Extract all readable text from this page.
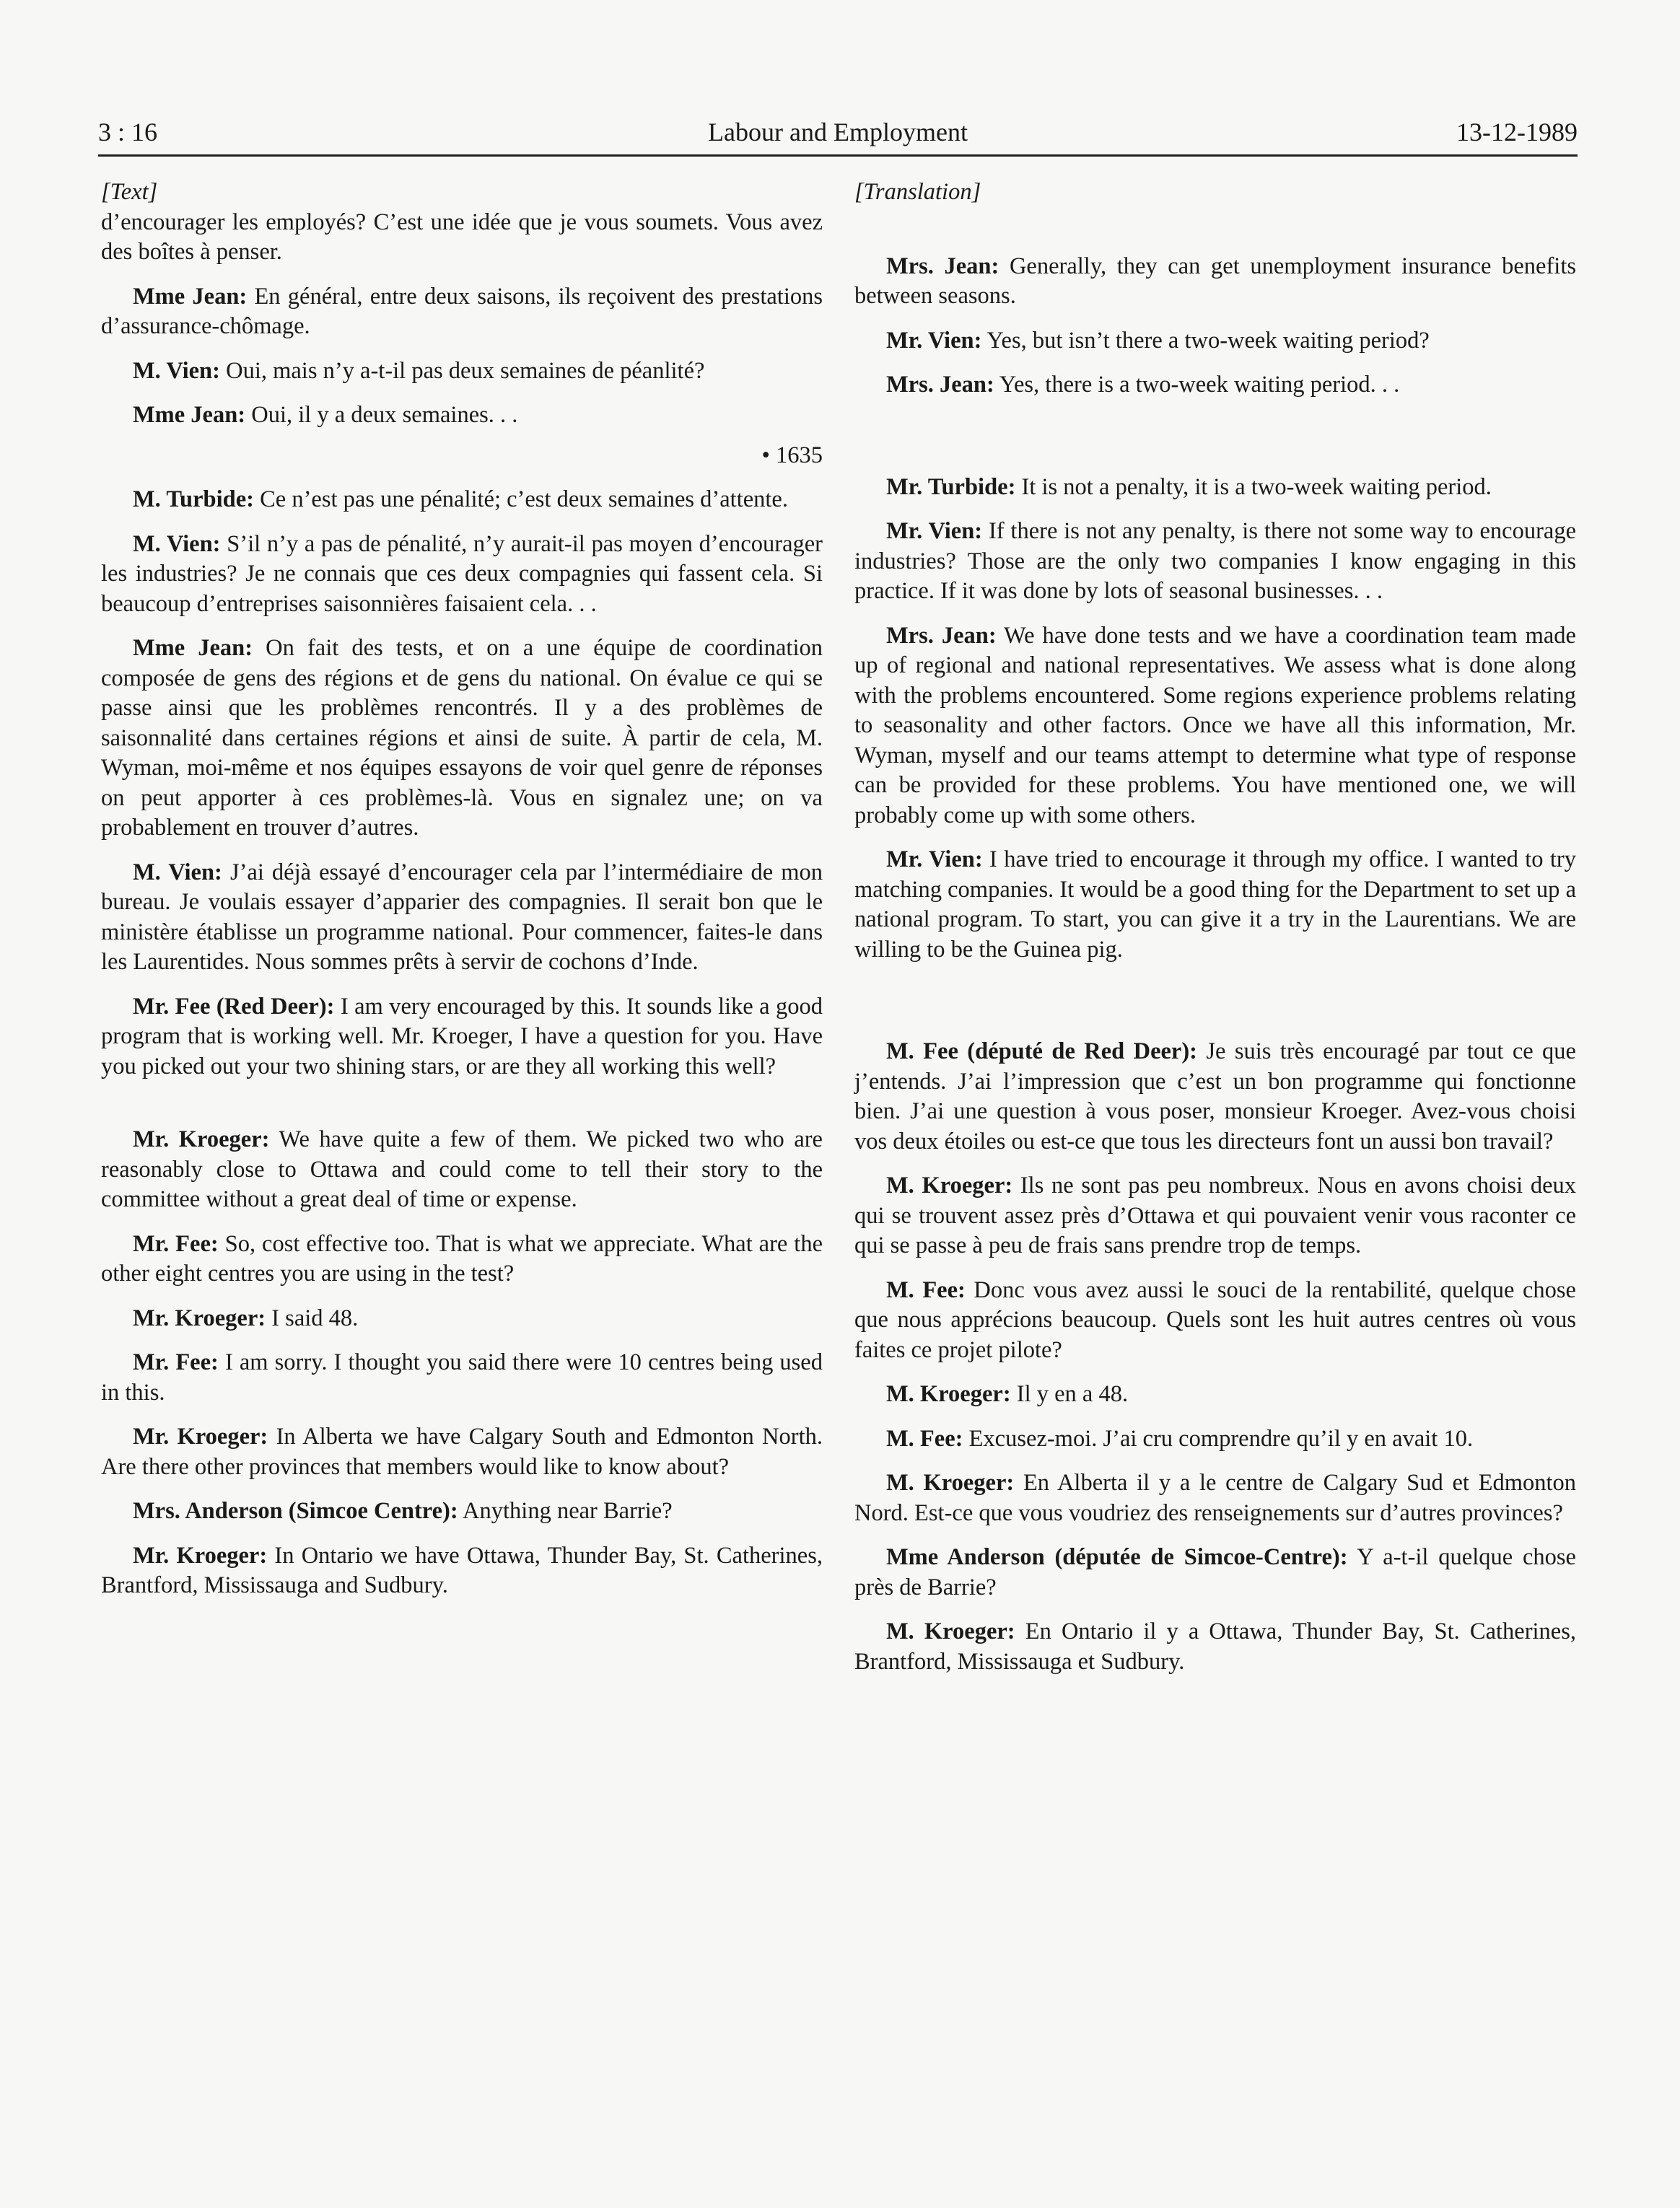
3 : 16	Labour and Employment	13-12-1989
[Text]

d’encourager les employés? C’est une idée que je vous soumets. Vous avez des boîtes à penser.

Mme Jean: En général, entre deux saisons, ils reçoivent des prestations d’assurance-chômage.

M. Vien: Oui, mais n’y a-t-il pas deux semaines de péanlité?

Mme Jean: Oui, il y a deux semaines. . .

• 1635

M. Turbide: Ce n’est pas une pénalité; c’est deux semaines d’attente.

M. Vien: S’il n’y a pas de pénalité, n’y aurait-il pas moyen d’encourager les industries? Je ne connais que ces deux compagnies qui fassent cela. Si beaucoup d’entreprises saisonnières faisaient cela. . .

Mme Jean: On fait des tests, et on a une équipe de coordination composée de gens des régions et de gens du national. On évalue ce qui se passe ainsi que les problèmes rencontrés. Il y a des problèmes de saisonnalité dans certaines régions et ainsi de suite. À partir de cela, M. Wyman, moi-même et nos équipes essayons de voir quel genre de réponses on peut apporter à ces problèmes-là. Vous en signalez une; on va probablement en trouver d’autres.

M. Vien: J’ai déjà essayé d’encourager cela par l’intermédiaire de mon bureau. Je voulais essayer d’apparier des compagnies. Il serait bon que le ministère établisse un programme national. Pour commencer, faites-le dans les Laurentides. Nous sommes prêts à servir de cochons d’Inde.

Mr. Fee (Red Deer): I am very encouraged by this. It sounds like a good program that is working well. Mr. Kroeger, I have a question for you. Have you picked out your two shining stars, or are they all working this well?

Mr. Kroeger: We have quite a few of them. We picked two who are reasonably close to Ottawa and could come to tell their story to the committee without a great deal of time or expense.

Mr. Fee: So, cost effective too. That is what we appreciate. What are the other eight centres you are using in the test?

Mr. Kroeger: I said 48.

Mr. Fee: I am sorry. I thought you said there were 10 centres being used in this.

Mr. Kroeger: In Alberta we have Calgary South and Edmonton North. Are there other provinces that members would like to know about?

Mrs. Anderson (Simcoe Centre): Anything near Barrie?

Mr. Kroeger: In Ontario we have Ottawa, Thunder Bay, St. Catherines, Brantford, Mississauga and Sudbury.

[Translation]

Mrs. Jean: Generally, they can get unemployment insurance benefits between seasons.

Mr. Vien: Yes, but isn’t there a two-week waiting period?

Mrs. Jean: Yes, there is a two-week waiting period. . .

Mr. Turbide: It is not a penalty, it is a two-week waiting period.

Mr. Vien: If there is not any penalty, is there not some way to encourage industries? Those are the only two companies I know engaging in this practice. If it was done by lots of seasonal businesses. . .

Mrs. Jean: We have done tests and we have a coordination team made up of regional and national representatives. We assess what is done along with the problems encountered. Some regions experience problems relating to seasonality and other factors. Once we have all this information, Mr. Wyman, myself and our teams attempt to determine what type of response can be provided for these problems. You have mentioned one, we will probably come up with some others.

Mr. Vien: I have tried to encourage it through my office. I wanted to try matching companies. It would be a good thing for the Department to set up a national program. To start, you can give it a try in the Laurentians. We are willing to be the Guinea pig.

M. Fee (député de Red Deer): Je suis très encouragé par tout ce que j’entends. J’ai l’impression que c’est un bon programme qui fonctionne bien. J’ai une question à vous poser, monsieur Kroeger. Avez-vous choisi vos deux étoiles ou est-ce que tous les directeurs font un aussi bon travail?

M. Kroeger: Ils ne sont pas peu nombreux. Nous en avons choisi deux qui se trouvent assez près d’Ottawa et qui pouvaient venir vous raconter ce qui se passe à peu de frais sans prendre trop de temps.

M. Fee: Donc vous avez aussi le souci de la rentabilité, quelque chose que nous apprécions beaucoup. Quels sont les huit autres centres où vous faites ce projet pilote?

M. Kroeger: Il y en a 48.

M. Fee: Excusez-moi. J’ai cru comprendre qu’il y en avait 10.

M. Kroeger: En Alberta il y a le centre de Calgary Sud et Edmonton Nord. Est-ce que vous voudriez des renseignements sur d’autres provinces?

Mme Anderson (députée de Simcoe-Centre): Y a-t-il quelque chose près de Barrie?

M. Kroeger: En Ontario il y a Ottawa, Thunder Bay, St. Catherines, Brantford, Mississauga et Sudbury.
